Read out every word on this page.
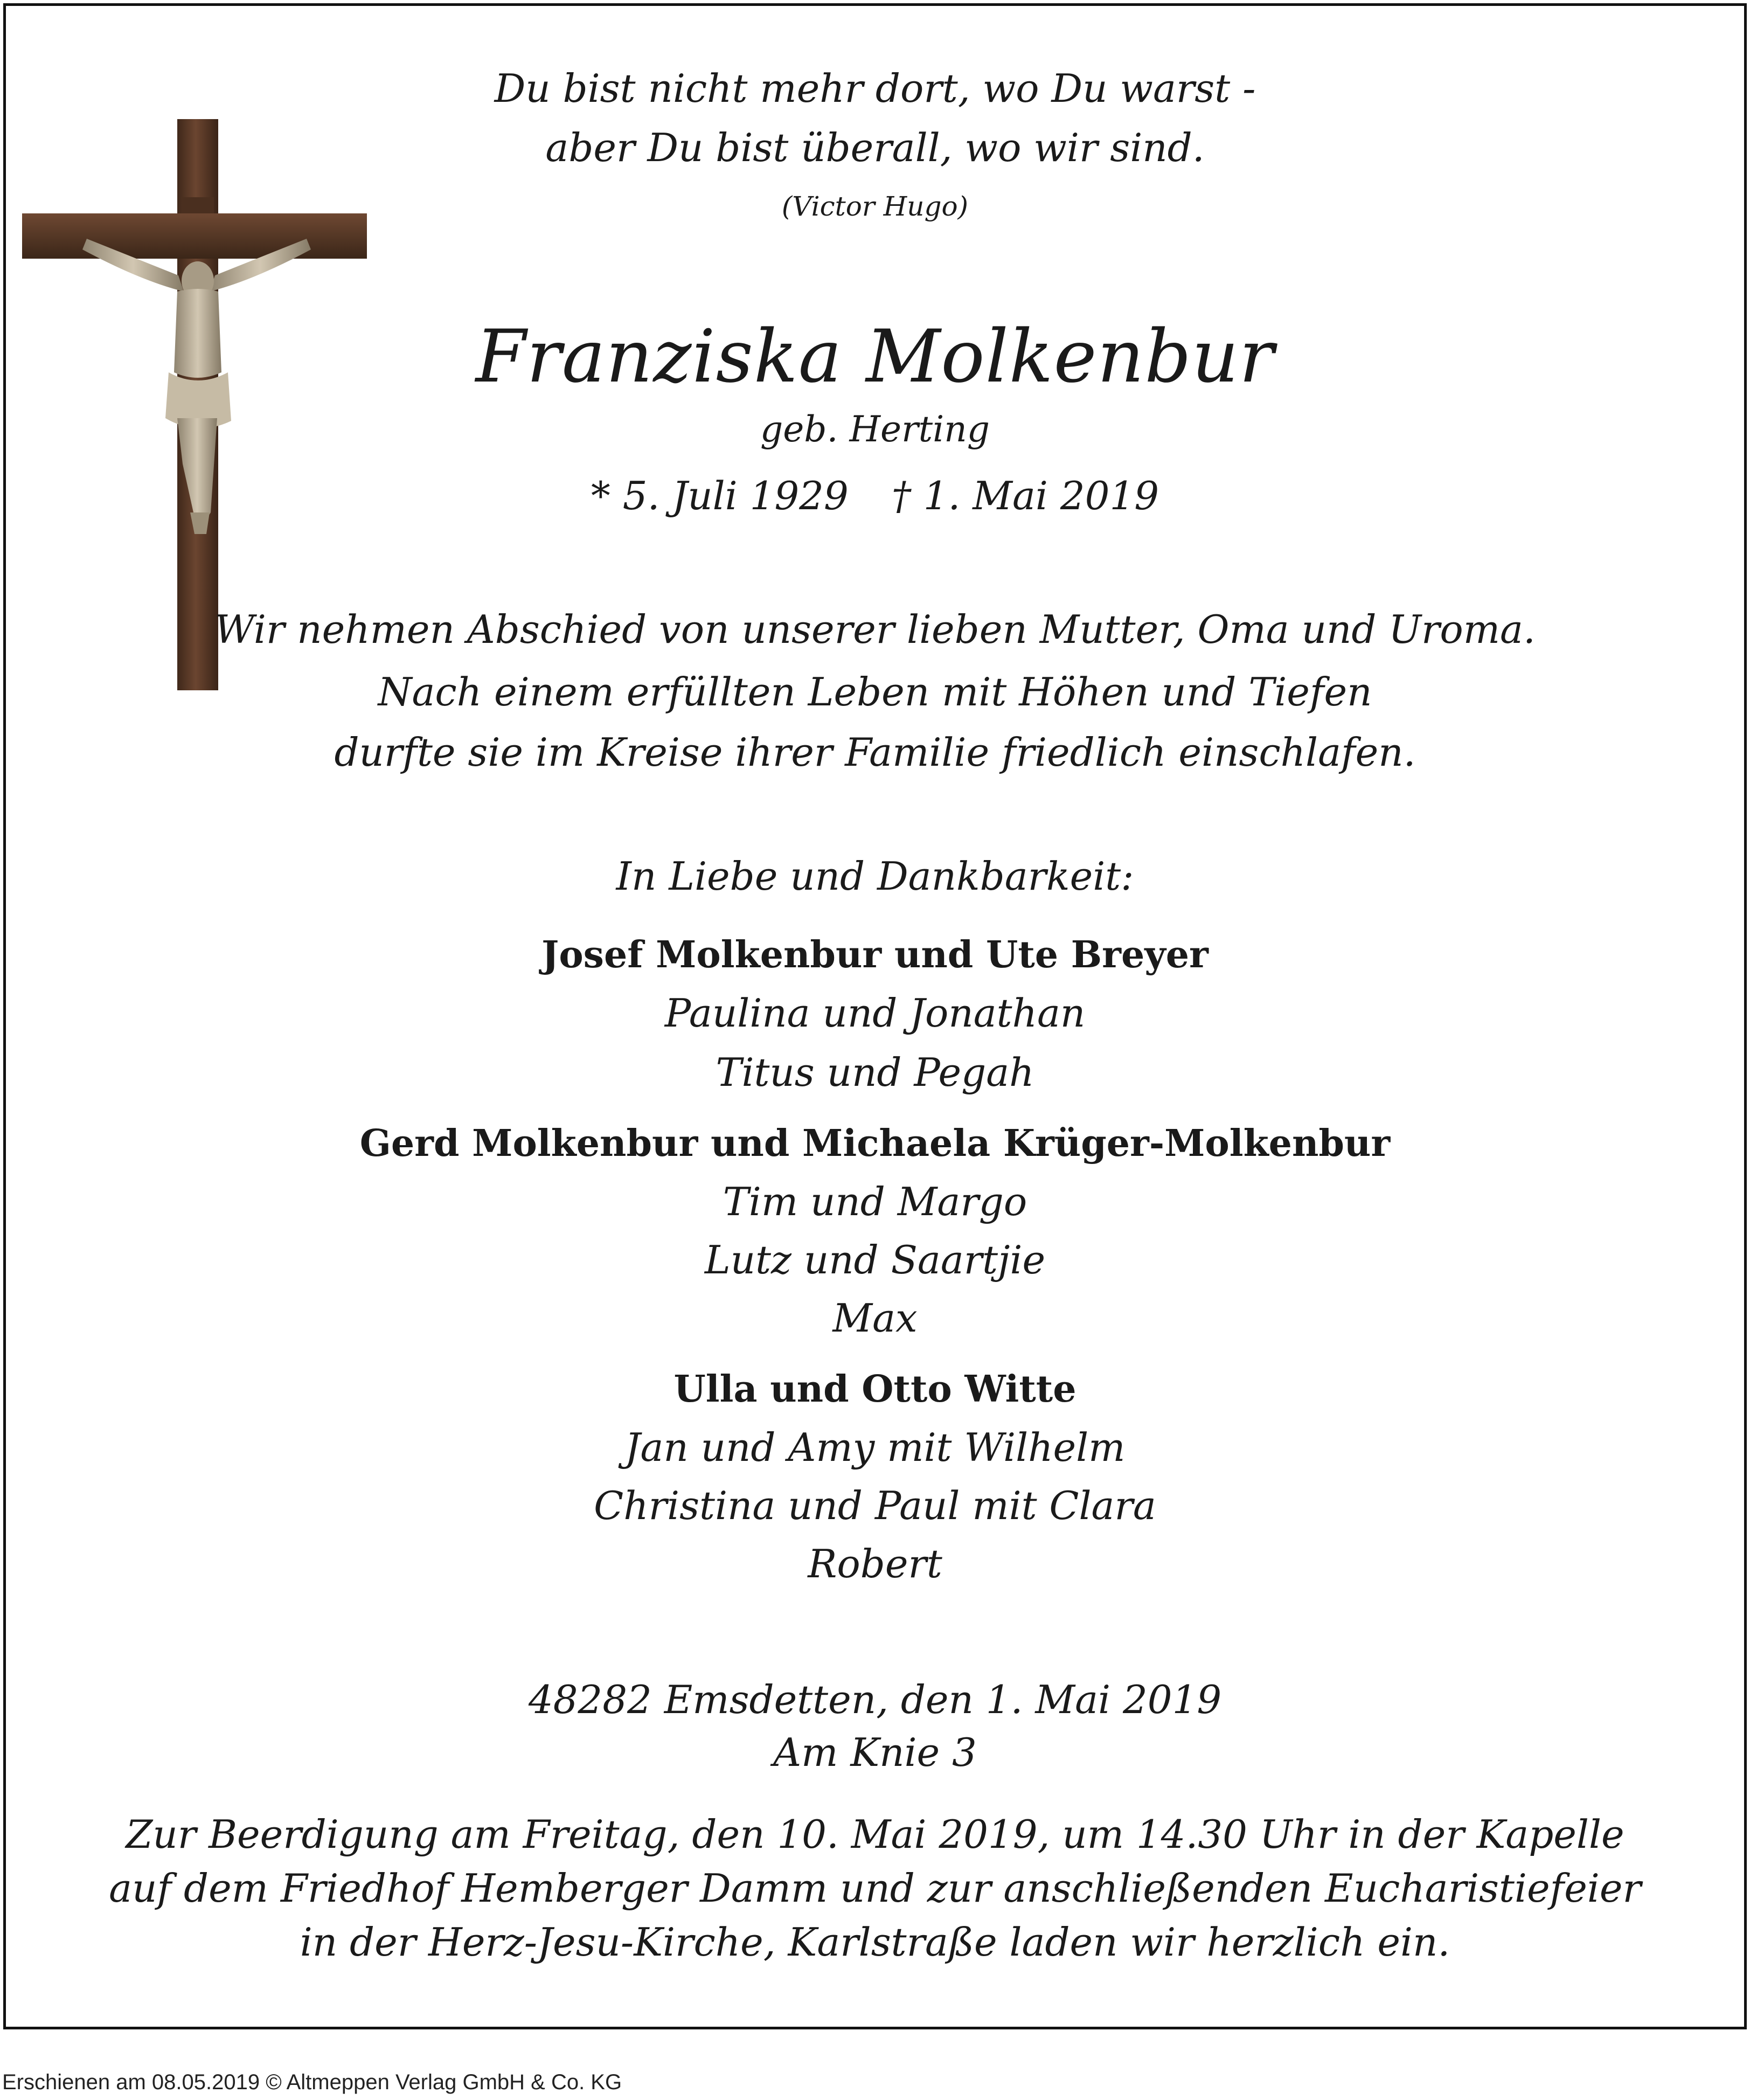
Du bist nicht mehr dort, wo Du warst -
aber Du bist überall, wo wir sind.
(Victor Hugo)
Franziska Molkenbur
geb. Herting
* 5. Juli 1929 † 1. Mai 2019
Wir nehmen Abschied von unserer lieben Mutter, Oma und Uroma.
Nach einem erfüllten Leben mit Höhen und Tiefen
durfte sie im Kreise ihrer Familie friedlich einschlafen.
In Liebe und Dankbarkeit:
Josef Molkenbur und Ute Breyer
Paulina und Jonathan
Titus und Pegah
Gerd Molkenbur und Michaela Krüger-Molkenbur
Tim und Margo
Lutz und Saartjie
Max
Ulla und Otto Witte
Jan und Amy mit Wilhelm
Christina und Paul mit Clara
Robert
48282 Emsdetten, den 1. Mai 2019
Am Knie 3
Zur Beerdigung am Freitag, den 10. Mai 2019, um 14.30 Uhr in der Kapelle
auf dem Friedhof Hemberger Damm und zur anschließenden Eucharistiefeier
in der Herz-Jesu-Kirche, Karlstraße laden wir herzlich ein.
Erschienen am 08.05.2019 © Altmeppen Verlag GmbH & Co. KG
